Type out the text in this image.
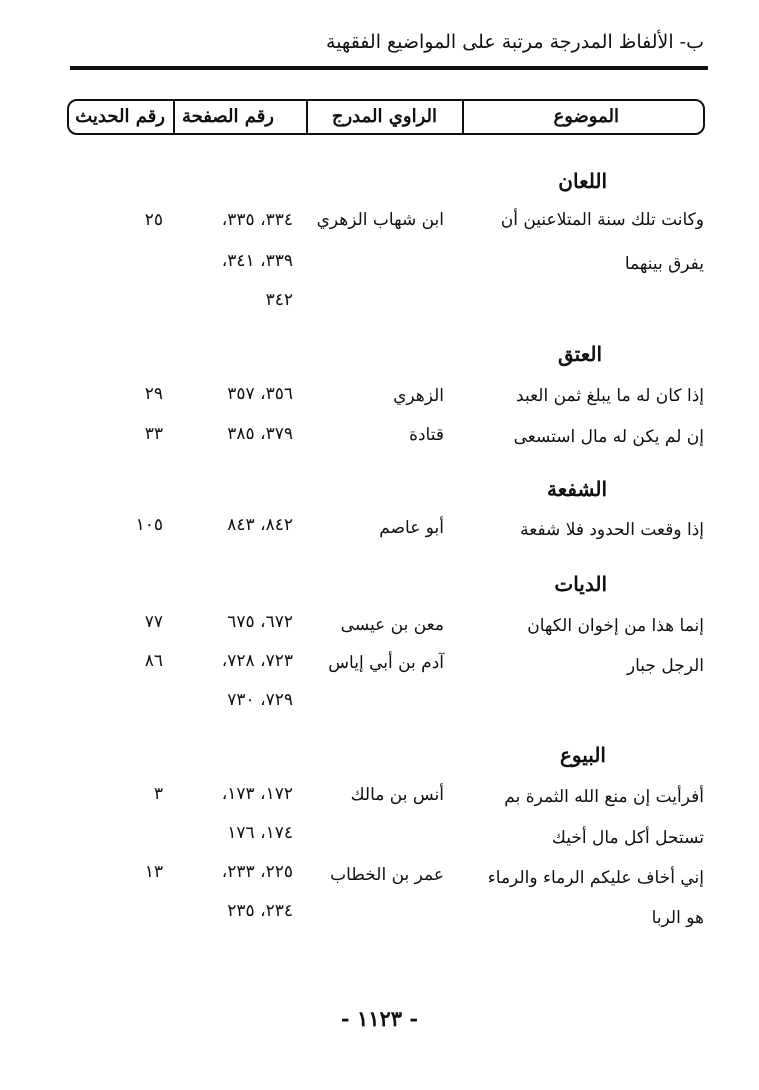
ب- الألفاظ المدرجة مرتبة على المواضيع الفقهية
الموضوع
الراوي المدرج
رقم الصفحة
رقم الحديث
اللعان
وكانت تلك سنة المتلاعنين أن
يفرق بينهما
ابن شهاب الزهري
٣٣٤، ٣٣٥،
٣٣٩، ٣٤١،
٣٤٢
٢٥
العتق
إذا كان له ما يبلغ ثمن العبد
الزهري
٣٥٦، ٣٥٧
٢٩
إن لم يكن له مال استسعى
قتادة
٣٧٩، ٣٨٥
٣٣
الشفعة
إذا وقعت الحدود فلا شفعة
أبو عاصم
٨٤٢، ٨٤٣
١٠٥
الديات
إنما هذا من إخوان الكهان
معن بن عيسى
٦٧٢، ٦٧٥
٧٧
الرجل جبار
آدم بن أبي إياس
٧٢٣، ٧٢٨،
٧٢٩، ٧٣٠
٨٦
البيوع
أفرأيت إن منع الله الثمرة بم
تستحل أكل مال أخيك
أنس بن مالك
١٧٢، ١٧٣،
١٧٤، ١٧٦
٣
إني أخاف عليكم الرماء والرماء
هو الربا
عمر بن الخطاب
٢٢٥، ٢٣٣،
٢٣٤، ٢٣٥
١٣
- ١١٢٣ -
